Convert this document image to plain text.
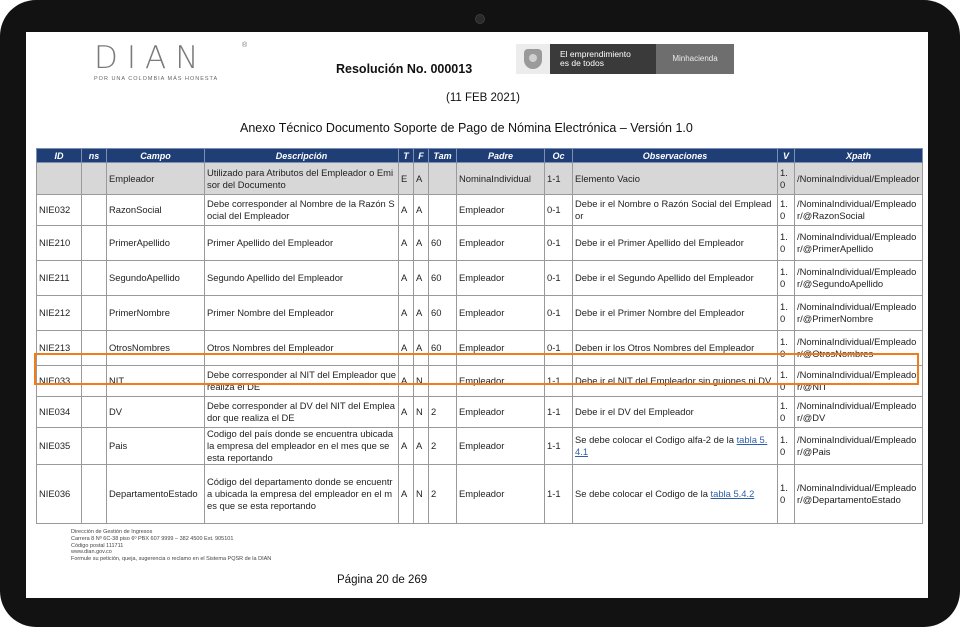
DIAN	®
POR UNA COLOMBIA MÁS HONESTA
Resolución No. 000013
El emprendimiento
es de todos	Minhacienda
(11 FEB 2021)
Anexo Técnico Documento Soporte de Pago de Nómina Electrónica – Versión 1.0
ID	ns	Campo	Descripción	T	F	Tam	Padre	Oc	Observaciones	V	Xpath
		Empleador	Utilizado para Atributos del Empleador o Emisor del Documento	E	A		NominaIndividual	1-1	Elemento Vacio	1.0	/NominaIndividual/Empleador
NIE032		RazonSocial	Debe corresponder al Nombre de la Razón Social del Empleador	A	A		Empleador	0-1	Debe ir el Nombre o Razón Social del Empleador	1.0	/NominaIndividual/Empleador/@RazonSocial
NIE210		PrimerApellido	Primer Apellido del Empleador	A	A	60	Empleador	0-1	Debe ir el Primer Apellido del Empleador	1.0	/NominaIndividual/Empleador/@PrimerApellido
NIE211		SegundoApellido	Segundo Apellido del Empleador	A	A	60	Empleador	0-1	Debe ir el Segundo Apellido del Empleador	1.0	/NominaIndividual/Empleador/@SegundoApellido
NIE212		PrimerNombre	Primer Nombre del Empleador	A	A	60	Empleador	0-1	Debe ir el Primer Nombre del Empleador	1.0	/NominaIndividual/Empleador/@PrimerNombre
NIE213		OtrosNombres	Otros Nombres del Empleador	A	A	60	Empleador	0-1	Deben ir los Otros Nombres del Empleador	1.0	/NominaIndividual/Empleador/@OtrosNombres
NIE033		NIT	Debe corresponder al NIT del Empleador que realiza el DE	A	N		Empleador	1-1	Debe ir el NIT del Empleador sin guiones ni DV	1.0	/NominaIndividual/Empleador/@NIT
NIE034		DV	Debe corresponder al DV del NIT del Empleador que realiza el DE	A	N	2	Empleador	1-1	Debe ir el DV del Empleador	1.0	/NominaIndividual/Empleador/@DV
NIE035		Pais	Codigo del país donde se encuentra ubicada la empresa del empleador en el mes que se esta reportando	A	A	2	Empleador	1-1	Se debe colocar el Codigo alfa-2 de la tabla 5.4.1	1.0	/NominaIndividual/Empleador/@Pais
NIE036		DepartamentoEstado	Código del departamento donde se encuentra ubicada la empresa del empleador en el mes que se esta reportando	A	N	2	Empleador	1-1	Se debe colocar el Codigo de la tabla 5.4.2	1.0	/NominaIndividual/Empleador/@DepartamentoEstado
Dirección de Gestión de Ingresos
Carrera 8 Nº 6C-38 piso 6º PBX 607 9999 – 382 4500 Ext. 905101
Código postal 111711
www.dian.gov.co
Formule su petición, queja, sugerencia o reclamo en el Sistema PQSR de la DIAN
Página 20 de 269
